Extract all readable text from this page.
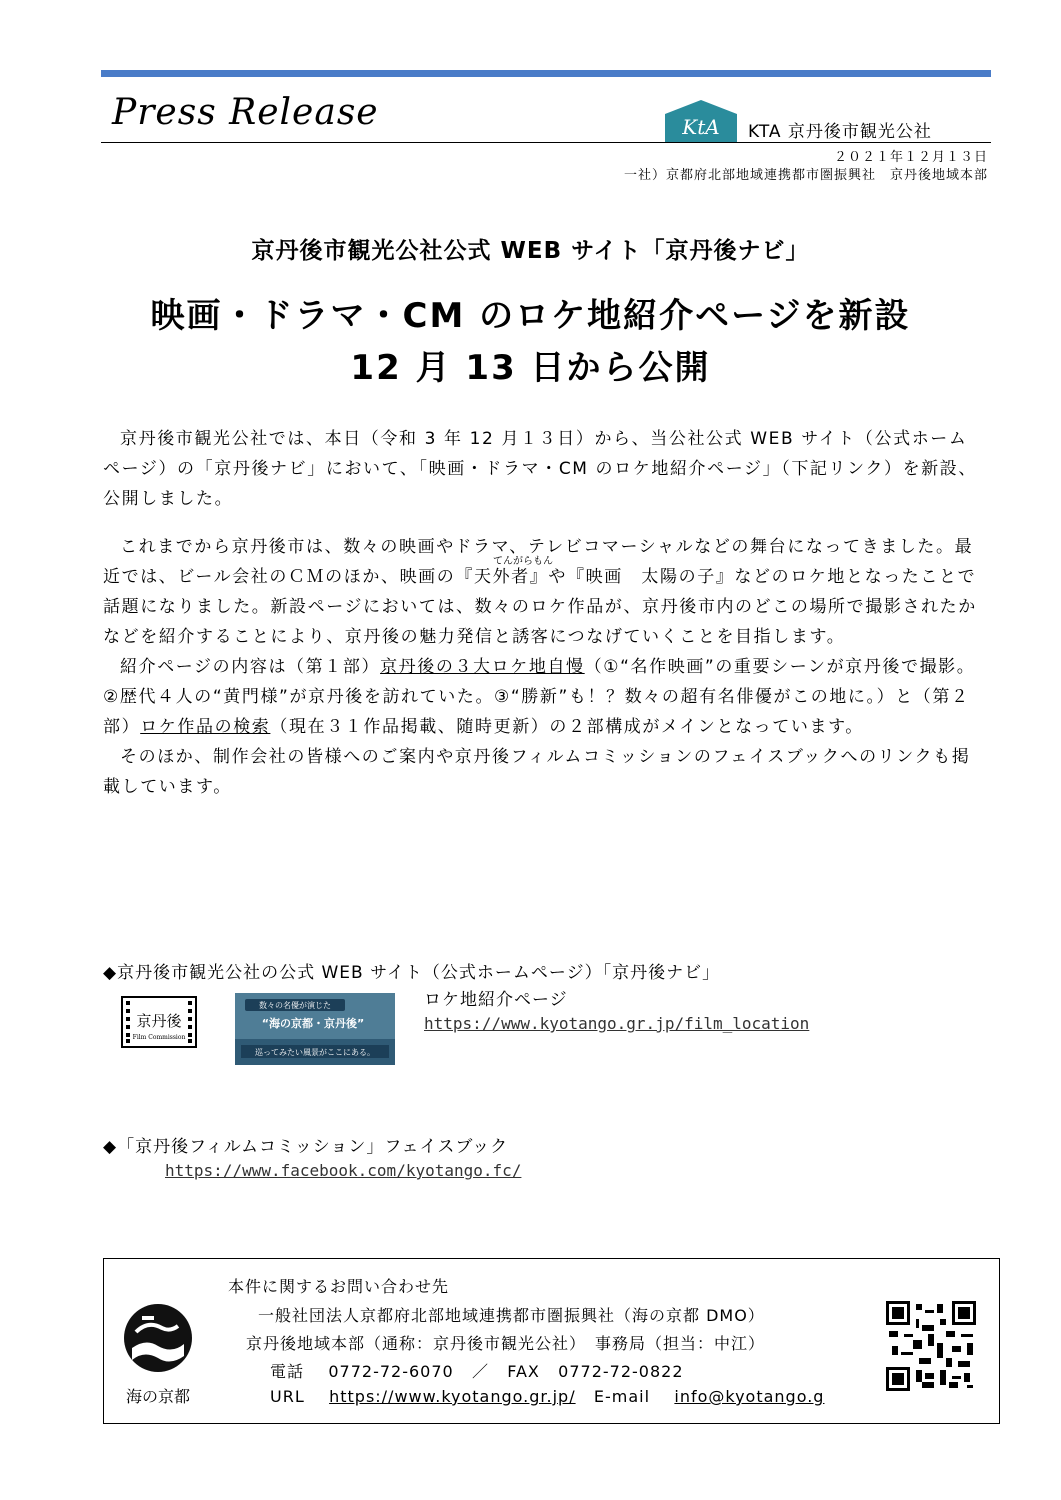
Press Release	KtA KTA 京丹後市観光公社
２０２１年１２月１３日
一社）京都府北部地域連携都市圏振興社　京丹後地域本部
京丹後市観光公社公式 WEB サイト「京丹後ナビ」
映画・ドラマ・CM のロケ地紹介ページを新設
12 月 13 日から公開

京丹後市観光公社では、本日（令和 3 年 12 月１３日）から、当公社公式 WEB サイト（公式ホームページ）の「京丹後ナビ」において、「映画・ドラマ・CM のロケ地紹介ページ」（下記リンク）を新設、公開しました。

これまでから京丹後市は、数々の映画やドラマ、テレビコマーシャルなどの舞台になってきました。最近では、ビール会社のＣＭのほか、映画の『天外者
てんがらもん
』や『映画　太陽の子』などのロケ地となったことで話題になりました。新設ページにおいては、数々のロケ作品が、京丹後市内のどこの場所で撮影されたかなどを紹介することにより、京丹後の魅力発信と誘客につなげていくことを目指します。

紹介ページの内容は（第１部）京丹後の３大ロケ地自慢（①“名作映画”の重要シーンが京丹後で撮影。②歴代４人の“黄門様”が京丹後を訪れていた。③“勝新”も！？数々の超有名俳優がこの地に。）と（第２部）ロケ作品の検索（現在３１作品掲載、随時更新）の２部構成がメインとなっています。

そのほか、制作会社の皆様へのご案内や京丹後フィルムコミッションのフェイスブックへのリンクも掲載しています。

◆京丹後市観光公社の公式 WEB サイト（公式ホームページ）「京丹後ナビ」
京丹後
Film Commission
数々の名優が演じた
“海の京都・京丹後”
巡ってみたい風景がここにある。
ロケ地紹介ページ
https://www.kyotango.gr.jp/film_location
◆「京丹後フィルムコミッション」フェイスブック
https://www.facebook.com/kyotango.fc/
海の京都
本件に関するお問い合わせ先
一般社団法人京都府北部地域連携都市圏振興社（海の京都 DMO）
京丹後地域本部（通称：京丹後市観光公社）　事務局（担当：中江）
電話 0772-72-6070 ／ FAX 0772-72-0822
URL https://www.kyotango.gr.jp/ E-mail info@kyotango.g
